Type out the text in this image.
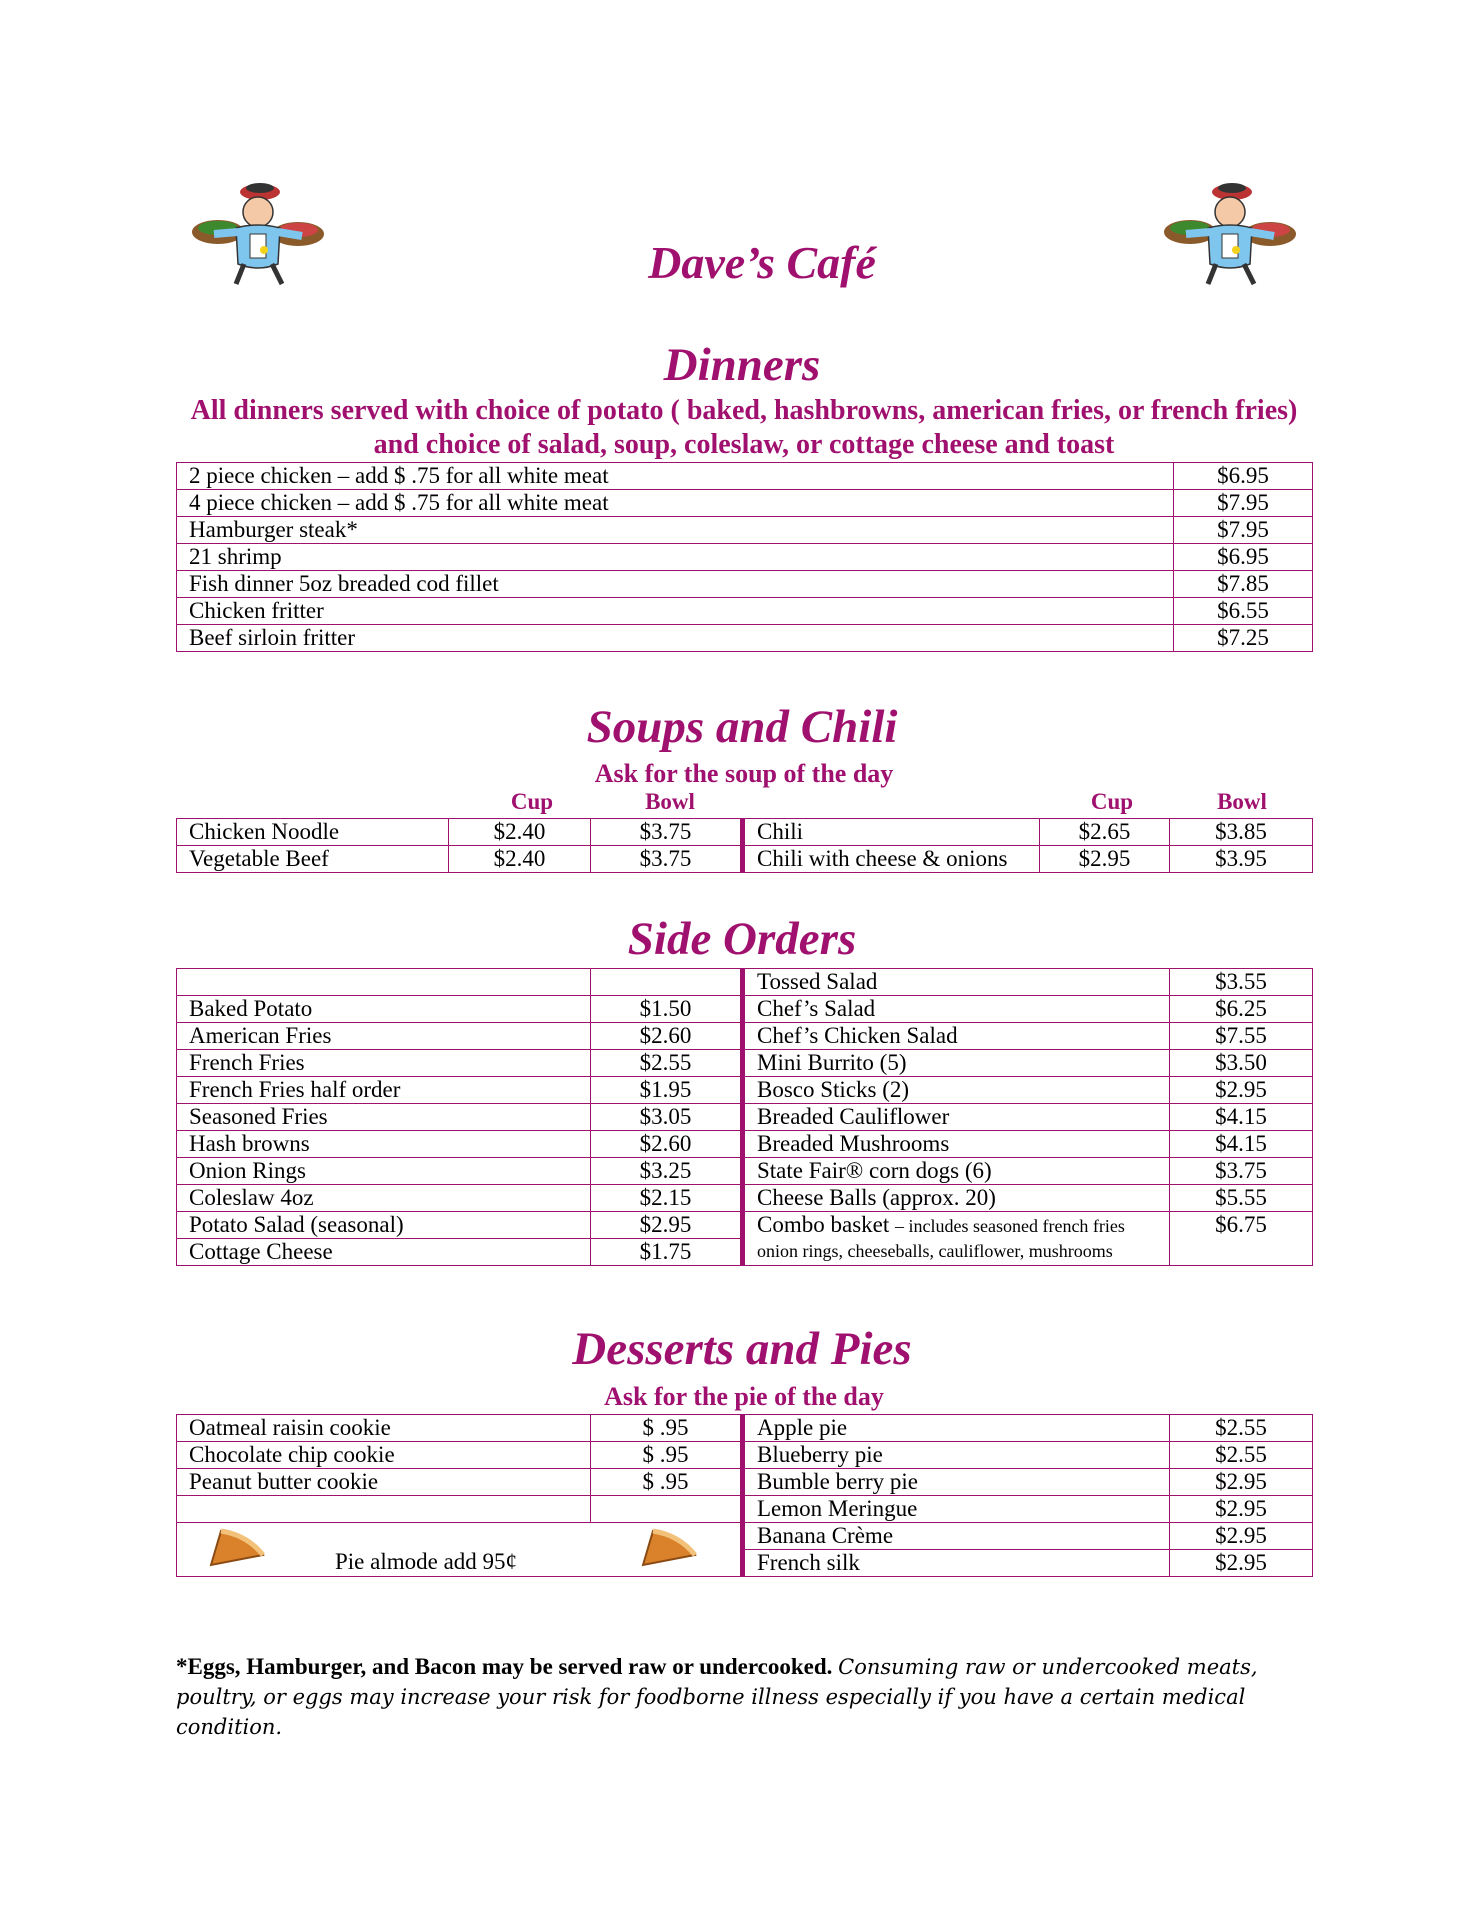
Dave’s Café
Dinners
All dinners served with choice of potato ( baked, hashbrowns, american fries, or french fries) and choice of salad, soup, coleslaw, or cottage cheese and toast
2 piece chicken – add $ .75 for all white meat	$6.95
4 piece chicken – add $ .75 for all white meat	$7.95
Hamburger steak*	$7.95
21 shrimp	$6.95
Fish dinner 5oz breaded cod fillet	$7.85
Chicken fritter	$6.55
Beef sirloin fritter	$7.25
Soups and Chili
Ask for the soup of the day
Cup	Bowl	Cup	Bowl
Chicken Noodle	$2.40	$3.75	Chili	$2.65	$3.85
Vegetable Beef	$2.40	$3.75	Chili with cheese & onions	$2.95	$3.95
Side Orders
		Tossed Salad	$3.55
Baked Potato	$1.50	Chef’s Salad	$6.25
American Fries	$2.60	Chef’s Chicken Salad	$7.55
French Fries	$2.55	Mini Burrito (5)	$3.50
French Fries half order	$1.95	Bosco Sticks (2)	$2.95
Seasoned Fries	$3.05	Breaded Cauliflower	$4.15
Hash browns	$2.60	Breaded Mushrooms	$4.15
Onion Rings	$3.25	State Fair® corn dogs (6)	$3.75
Coleslaw 4oz	$2.15	Cheese Balls (approx. 20)	$5.55
Potato Salad (seasonal)	$2.95	Combo basket – includes seasoned french fries
onion rings, cheeseballs, cauliflower, mushrooms	$6.75
Cottage Cheese	$1.75		
Desserts and Pies
Ask for the pie of the day
Oatmeal raisin cookie	$ .95	Apple pie	$2.55
Chocolate chip cookie	$ .95	Blueberry pie	$2.55
Peanut butter cookie	$ .95	Bumble berry pie	$2.95
		Lemon Meringue	$2.95

Pie almode add 95¢		Banana Crème	$2.95
		French silk	$2.95
*Eggs, Hamburger, and Bacon may be served raw or undercooked. Consuming raw or undercooked meats, poultry, or eggs may increase your risk for foodborne illness especially if you have a certain medical condition.
